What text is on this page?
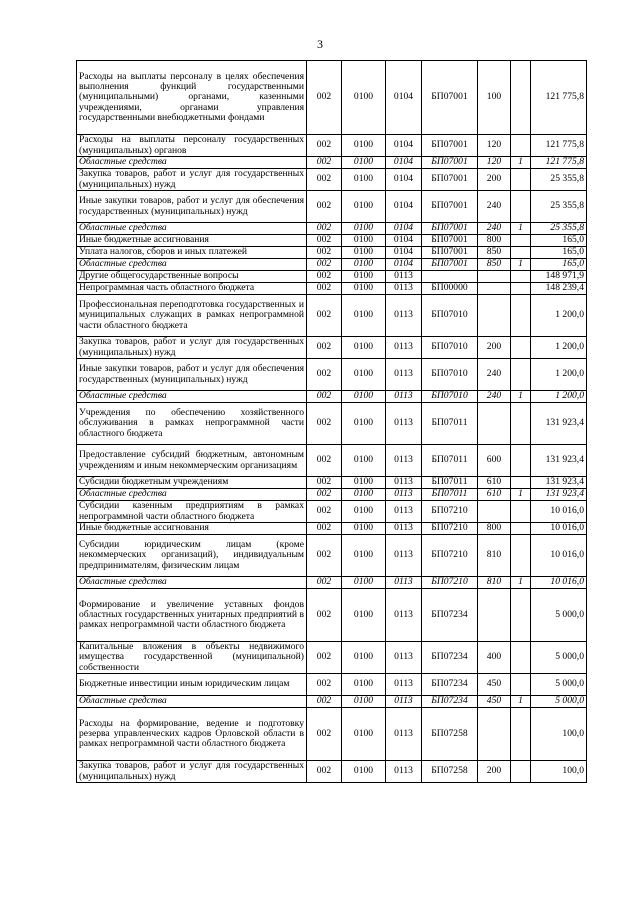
3
Расходы на выплаты персоналу в целях обеспечения выполнения функций государственными (муниципальными) органами, казенными учреждениями, органами управления государственными внебюджетными фондами	002	0100	0104	БП07001	100		121 775,8
Расходы на выплаты персоналу государственных (муниципальных) органов	002	0100	0104	БП07001	120		121 775,8
Областные средства	002	0100	0104	БП07001	120	1	121 775,8
Закупка товаров, работ и услуг для государственных (муниципальных) нужд	002	0100	0104	БП07001	200		25 355,8
Иные закупки товаров, работ и услуг для обеспечения государственных (муниципальных) нужд	002	0100	0104	БП07001	240		25 355,8
Областные средства	002	0100	0104	БП07001	240	1	25 355,8
Иные бюджетные ассигнования	002	0100	0104	БП07001	800		165,0
Уплата налогов, сборов и иных платежей	002	0100	0104	БП07001	850		165,0
Областные средства	002	0100	0104	БП07001	850	1	165,0
Другие общегосударственные вопросы	002	0100	0113				148 971,9
Непрограммная часть областного бюджета	002	0100	0113	БП00000			148 239,4
Профессиональная переподготовка государственных и муниципальных служащих в рамках непрограммной части областного бюджета	002	0100	0113	БП07010			1 200,0
Закупка товаров, работ и услуг для государственных (муниципальных) нужд	002	0100	0113	БП07010	200		1 200,0
Иные закупки товаров, работ и услуг для обеспечения государственных (муниципальных) нужд	002	0100	0113	БП07010	240		1 200,0
Областные средства	002	0100	0113	БП07010	240	1	1 200,0
Учреждения по обеспечению хозяйственного обслуживания в рамках непрограммной части областного бюджета	002	0100	0113	БП07011			131 923,4
Предоставление субсидий бюджетным, автономным учреждениям и иным некоммерческим организациям	002	0100	0113	БП07011	600		131 923,4
Субсидии бюджетным учреждениям	002	0100	0113	БП07011	610		131 923,4
Областные средства	002	0100	0113	БП07011	610	1	131 923,4
Субсидии казенным предприятиям в рамках непрограммной части областного бюджета	002	0100	0113	БП07210			10 016,0
Иные бюджетные ассигнования	002	0100	0113	БП07210	800		10 016,0
Субсидии юридическим лицам (кроме некоммерческих организаций), индивидуальным предпринимателям, физическим лицам	002	0100	0113	БП07210	810		10 016,0
Областные средства	002	0100	0113	БП07210	810	1	10 016,0
Формирование и увеличение уставных фондов областных государственных унитарных предприятий в рамках непрограммной части областного бюджета	002	0100	0113	БП07234			5 000,0
Капитальные вложения в объекты недвижимого имущества государственной (муниципальной) собственности	002	0100	0113	БП07234	400		5 000,0
Бюджетные инвестиции иным юридическим лицам	002	0100	0113	БП07234	450		5 000,0
Областные средства	002	0100	0113	БП07234	450	1	5 000,0
Расходы на формирование, ведение и подготовку резерва управленческих кадров Орловской области в рамках непрограммной части областного бюджета	002	0100	0113	БП07258			100,0
Закупка товаров, работ и услуг для государственных (муниципальных) нужд	002	0100	0113	БП07258	200		100,0
